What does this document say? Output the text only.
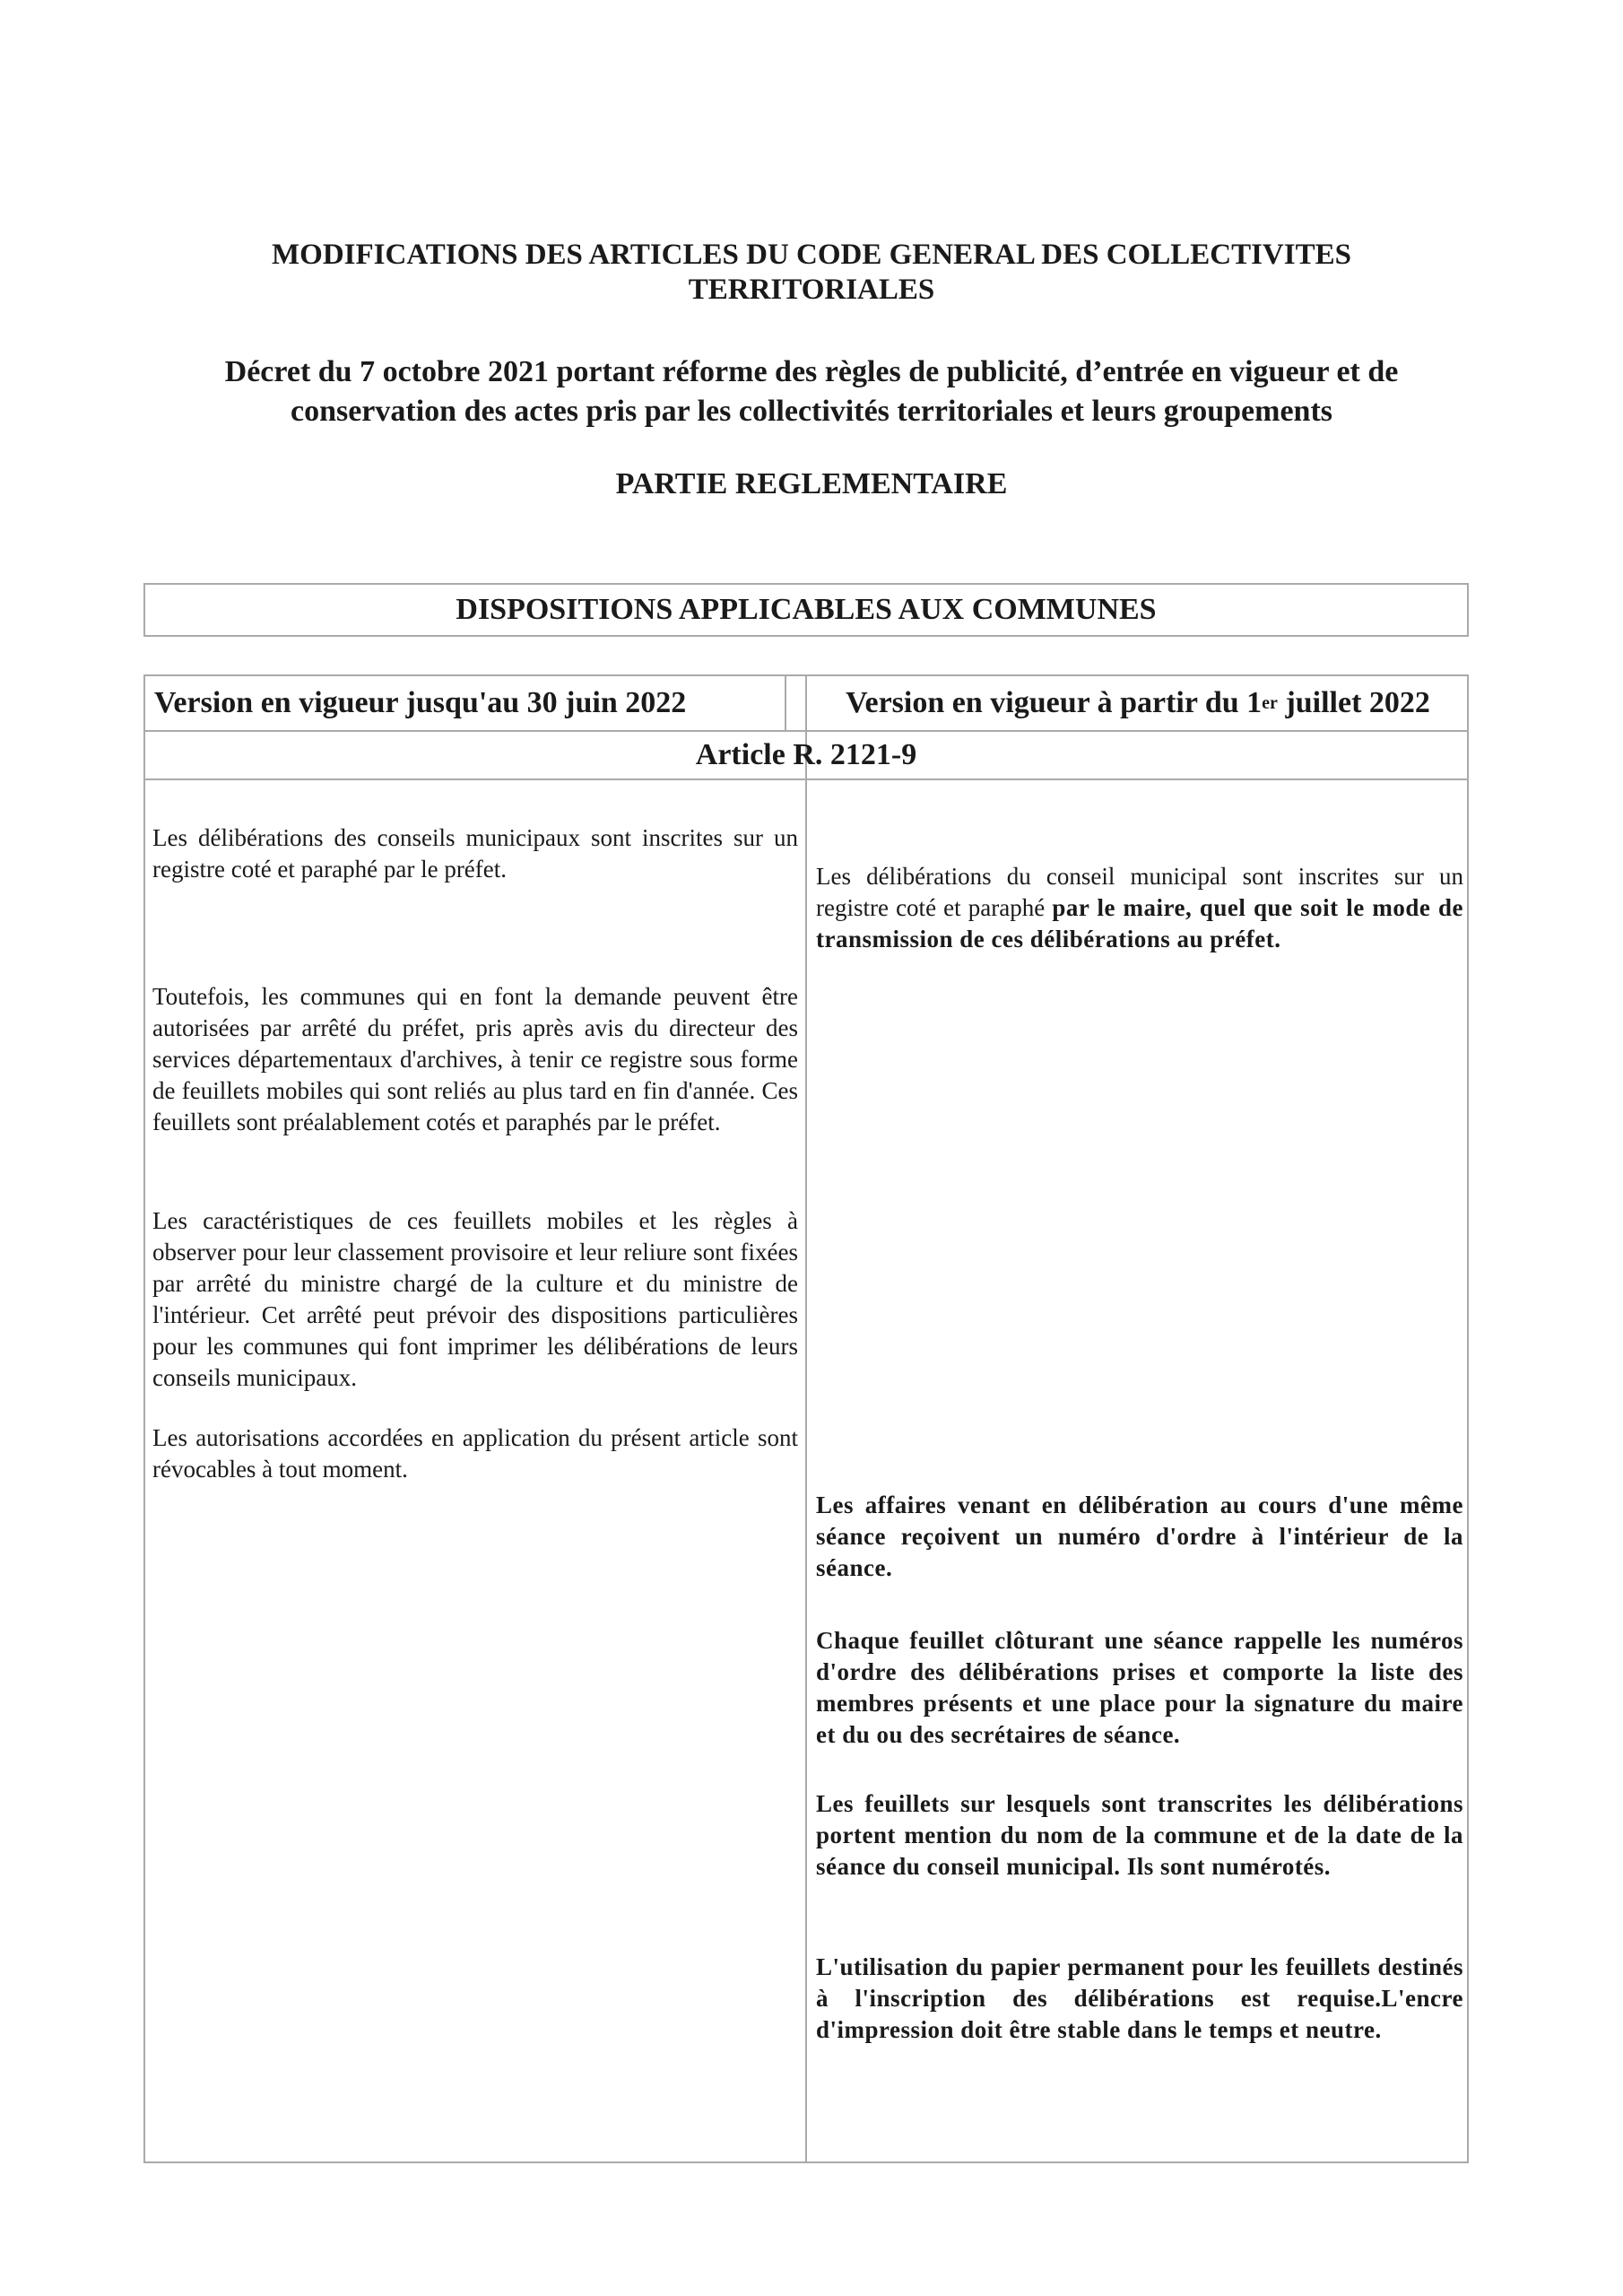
MODIFICATIONS DES ARTICLES DU CODE GENERAL DES COLLECTIVITES
TERRITORIALES

Décret du 7 octobre 2021 portant réforme des règles de publicité, d’entrée en vigueur et de conservation des actes pris par les collectivités territoriales et leurs groupements

PARTIE REGLEMENTAIRE

DISPOSITIONS APPLICABLES AUX COMMUNES
Version en vigueur jusqu'au 30 juin 2022	Version en vigueur à partir du 1 er juillet 2022
Article R. 2121-9

Les délibérations des conseils municipaux sont inscrites sur un registre coté et paraphé par le préfet.

Toutefois, les communes qui en font la demande peuvent être autorisées par arrêté du préfet, pris après avis du directeur des services départementaux d'archives, à tenir ce registre sous forme de feuillets mobiles qui sont reliés au plus tard en fin d'année. Ces feuillets sont préalablement cotés et paraphés par le préfet.

Les caractéristiques de ces feuillets mobiles et les règles à observer pour leur classement provisoire et leur reliure sont fixées par arrêté du ministre chargé de la culture et du ministre de l'intérieur. Cet arrêté peut prévoir des dispositions particulières pour les communes qui font imprimer les délibérations de leurs conseils municipaux.

Les autorisations accordées en application du présent article sont révocables à tout moment.

Les délibérations du conseil municipal sont inscrites sur un registre coté et paraphé par le maire, quel que soit le mode de transmission de ces délibérations au préfet.

Les affaires venant en délibération au cours d'une même séance reçoivent un numéro d'ordre à l'intérieur de la séance.

Chaque feuillet clôturant une séance rappelle les numéros d'ordre des délibérations prises et comporte la liste des membres présents et une place pour la signature du maire et du ou des secrétaires de séance.

Les feuillets sur lesquels sont transcrites les délibérations portent mention du nom de la commune et de la date de la séance du conseil municipal. Ils sont numérotés.

L'utilisation du papier permanent pour les feuillets destinés à l'inscription des délibérations est requise.L'encre d'impression doit être stable dans le temps et neutre.
